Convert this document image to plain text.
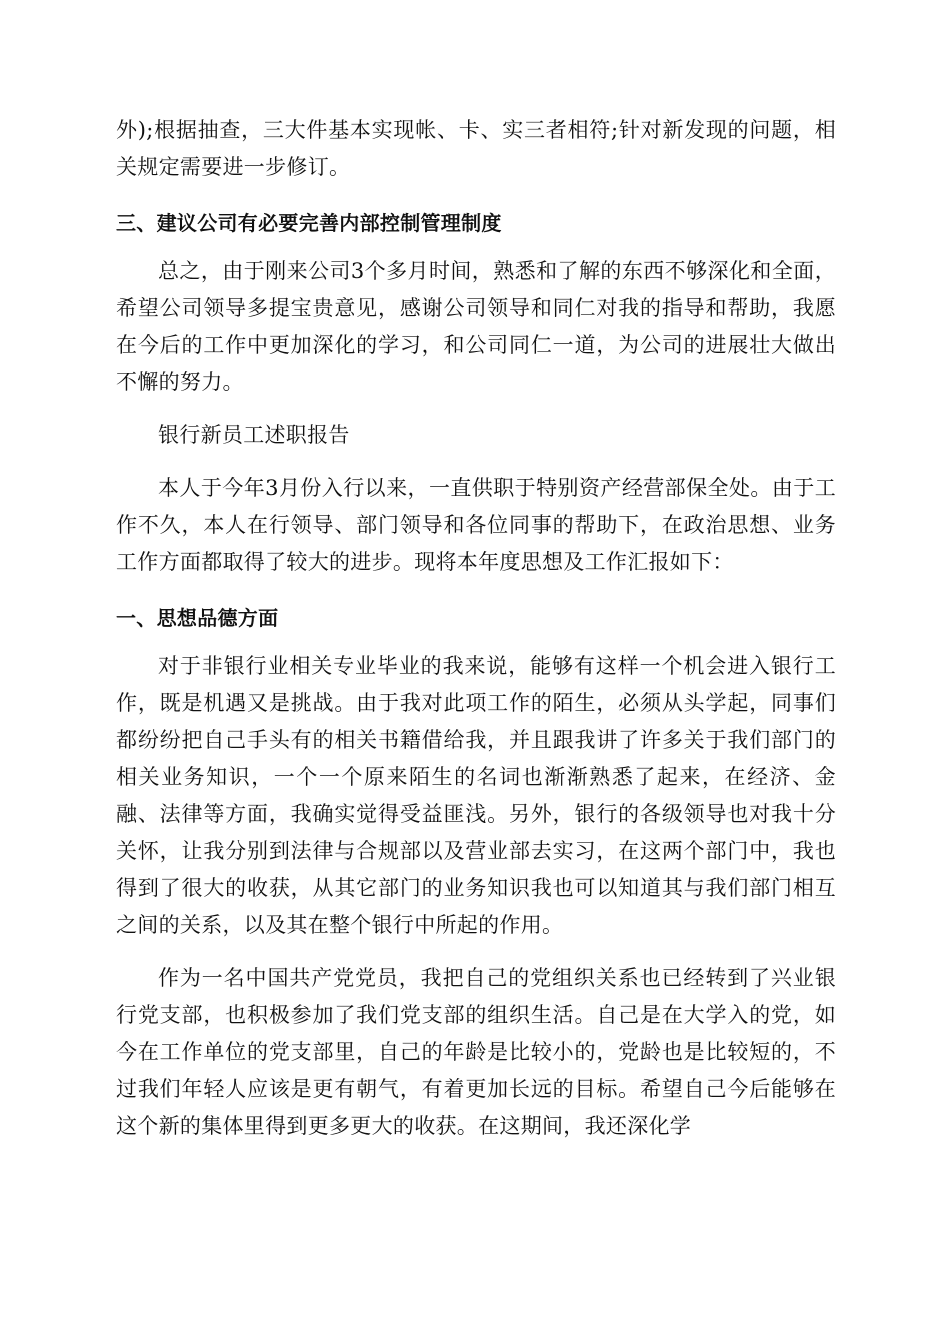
外);根据抽查，三大件基本实现帐、卡、实三者相符;针对新发现的问题，相关规定需要进一步修订。

三、建议公司有必要完善内部控制管理制度

总之，由于刚来公司3个多月时间，熟悉和了解的东西不够深化和全面，希望公司领导多提宝贵意见，感谢公司领导和同仁对我的指导和帮助，我愿在今后的工作中更加深化的学习，和公司同仁一道，为公司的进展壮大做出不懈的努力。

银行新员工述职报告

本人于今年3月份入行以来，一直供职于特别资产经营部保全处。由于工作不久，本人在行领导、部门领导和各位同事的帮助下，在政治思想、业务工作方面都取得了较大的进步。现将本年度思想及工作汇报如下：

一、思想品德方面

对于非银行业相关专业毕业的我来说，能够有这样一个机会进入银行工作，既是机遇又是挑战。由于我对此项工作的陌生，必须从头学起，同事们都纷纷把自己手头有的相关书籍借给我，并且跟我讲了许多关于我们部门的相关业务知识，一个一个原来陌生的名词也渐渐熟悉了起来，在经济、金融、法律等方面，我确实觉得受益匪浅。另外，银行的各级领导也对我十分关怀，让我分别到法律与合规部以及营业部去实习，在这两个部门中，我也得到了很大的收获，从其它部门的业务知识我也可以知道其与我们部门相互之间的关系，以及其在整个银行中所起的作用。

作为一名中国共产党党员，我把自己的党组织关系也已经转到了兴业银行党支部，也积极参加了我们党支部的组织生活。自己是在大学入的党，如今在工作单位的党支部里，自己的年龄是比较小的，党龄也是比较短的，不过我们年轻人应该是更有朝气，有着更加长远的目标。希望自己今后能够在这个新的集体里得到更多更大的收获。在这期间，我还深化学
